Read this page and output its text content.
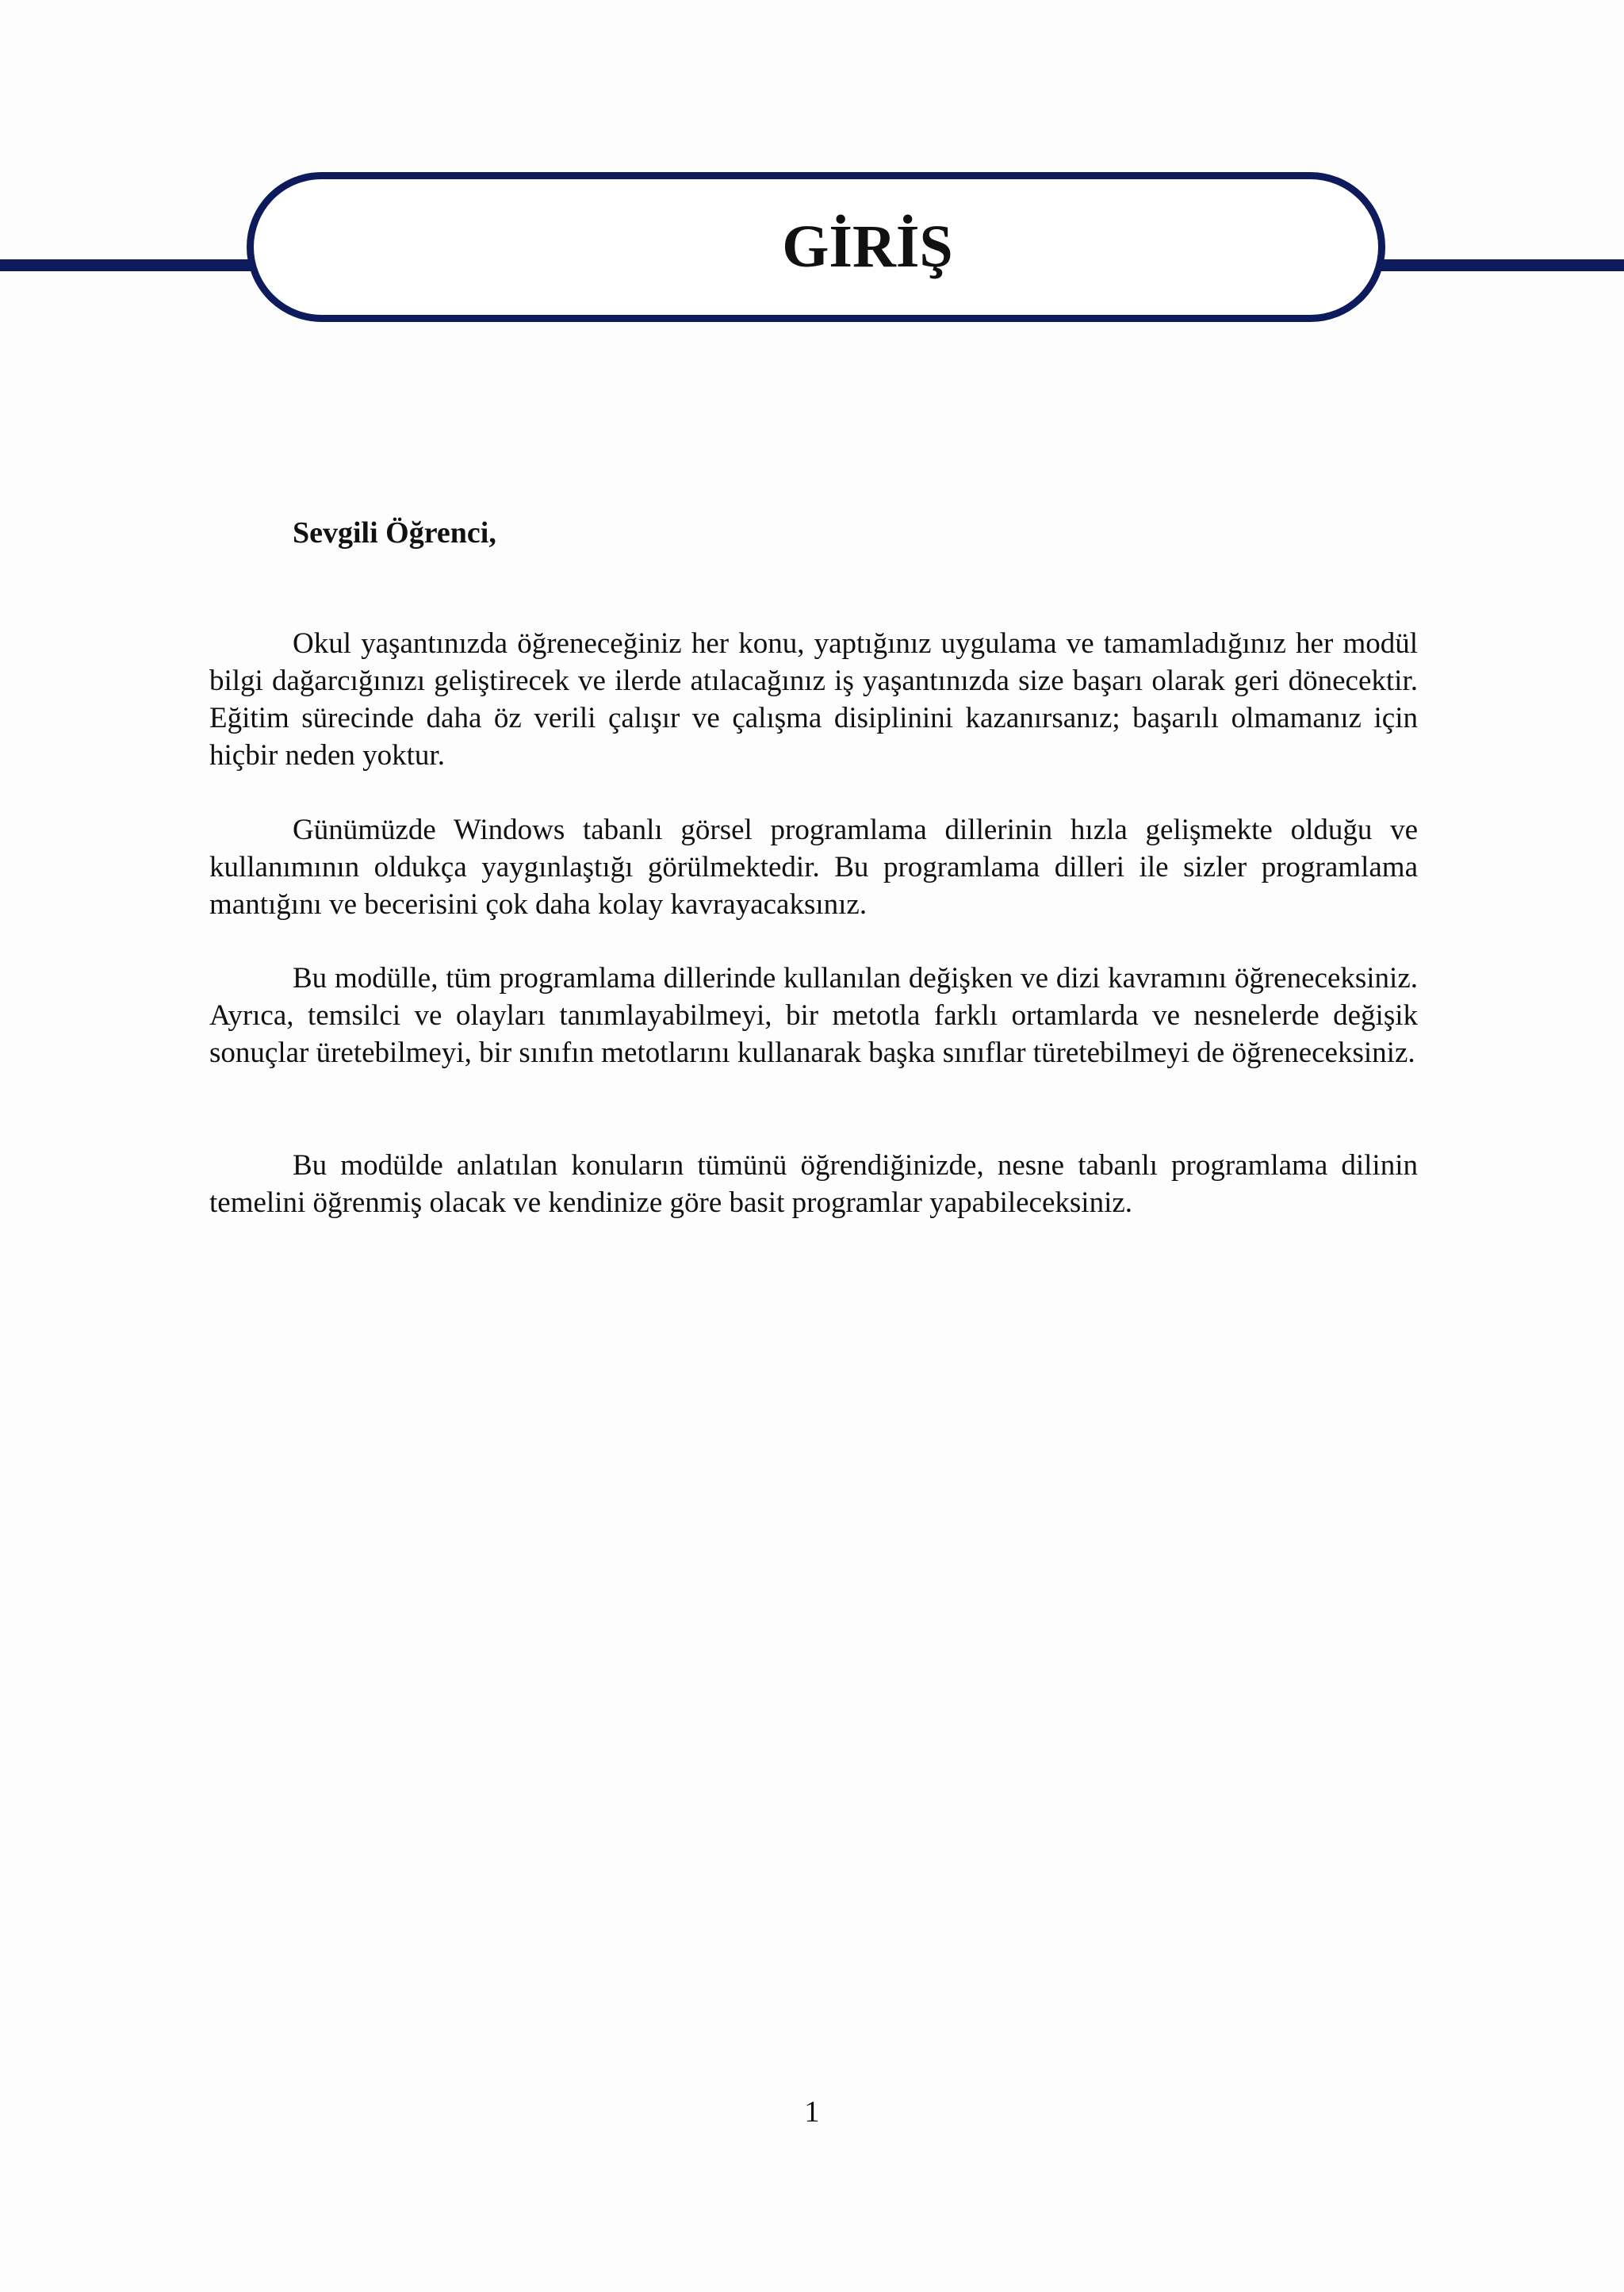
GİRİŞ

Sevgili Öğrenci,

Okul yaşantınızda öğreneceğiniz her konu, yaptığınız uygulama ve tamamladığınız her modül bilgi dağarcığınızı geliştirecek ve ilerde atılacağınız iş yaşantınızda size başarı olarak geri dönecektir. Eğitim sürecinde daha öz verili çalışır ve çalışma disiplinini kazanırsanız; başarılı olmamanız için hiçbir neden yoktur.

Günümüzde Windows tabanlı görsel programlama dillerinin hızla gelişmekte olduğu ve kullanımının oldukça yaygınlaştığı görülmektedir. Bu programlama dilleri ile sizler programlama mantığını ve becerisini çok daha kolay kavrayacaksınız.

Bu modülle, tüm programlama dillerinde kullanılan değişken ve dizi kavramını öğreneceksiniz. Ayrıca, temsilci ve olayları tanımlayabilmeyi, bir metotla farklı ortamlarda ve nesnelerde değişik sonuçlar üretebilmeyi, bir sınıfın metotlarını kullanarak başka sınıflar türetebilmeyi de öğreneceksiniz.

Bu modülde anlatılan konuların tümünü öğrendiğinizde, nesne tabanlı programlama dilinin temelini öğrenmiş olacak ve kendinize göre basit programlar yapabileceksiniz.

1
